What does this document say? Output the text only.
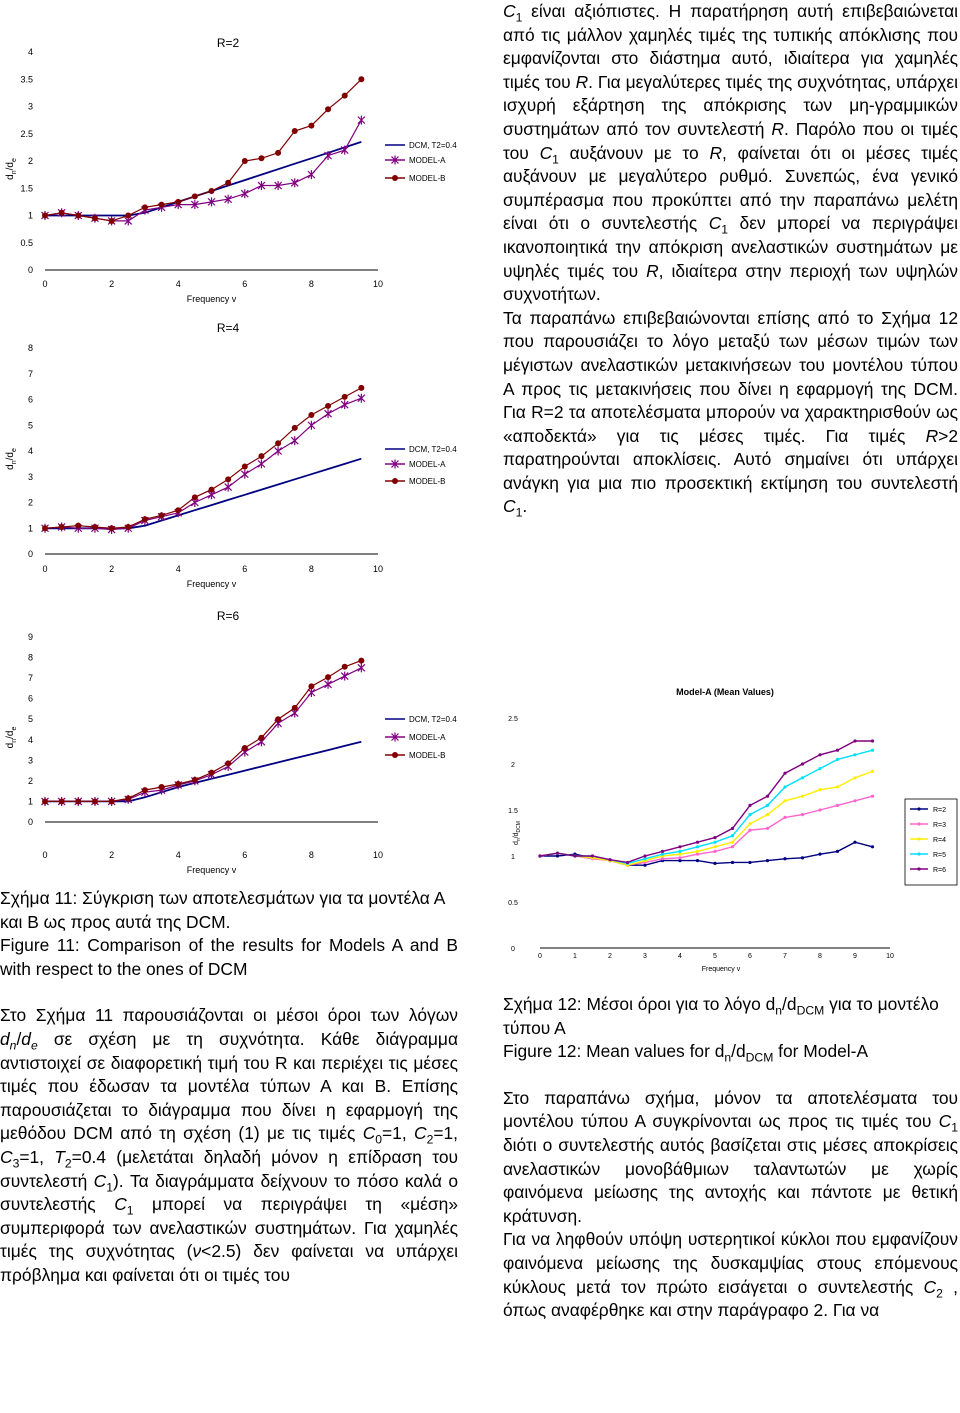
R=2
0
0.5
1
1.5
2
2.5
3
3.5
4
0	2	4	6	8	10
Frequency v
$d_n/d_e$
DCM, T2=0.4
MODEL-A
MODEL-B
R=4
0
1
2
3
4
5
6
7
8
0	2	4	6	8	10
Frequency v
$d_n/d_e$	DCM, T2=0.4
MODEL-A
MODEL-B
R=6
0
1
2
3
4
5
6
7
8
9
0	2	4	6	8	10
Frequency v
$d_n/d_e$
DCM, T2=0.4
MODEL-A
MODEL-B
Model-A (Mean Values)
0
0.5
1
1.5
2
2.5
0	1	2	3	4	5	6	7	8	9	10
Frequency v
$d_n/d_{DCM}$
R=2
R=3
R=4
R=5
R=6

Σχήμα 11: Σύγκριση των αποτελεσμάτων για τα μοντέλα Α και Β ως προς αυτά της DCM.

Figure 11: Comparison of the results for Models A and B with respect to the ones of DCM

Στο Σχήμα 11 παρουσιάζονται οι μέσοι όροι των λόγων $d_n/d_e$ σε σχέση με τη συχνότητα. Κάθε διάγραμμα αντιστοιχεί σε διαφορετική τιμή του R και περιέχει τις μέσες τιμές που έδωσαν τα μοντέλα τύπων Α και Β. Επίσης παρουσιάζεται το διάγραμμα που δίνει η εφαρμογή της μεθόδου DCM από τη σχέση (1) με τις τιμές $C_0=1$, $C_2=1$, $C_3=1$, $T_2=0.4$ (μελετάται δηλαδή μόνον η επίδραση του συντελεστή $C_1$). Τα διαγράμματα δείχνουν το πόσο καλά ο συντελεστής $C_1$ μπορεί να περιγράψει τη «μέση» συμπεριφορά των ανελαστικών συστημάτων. Για χαμηλές τιμές της συχνότητας (ν<2.5) δεν φαίνεται να υπάρχει πρόβλημα και φαίνεται ότι οι τιμές του

$C_1$ είναι αξιόπιστες. Η παρατήρηση αυτή επιβεβαιώνεται από τις μάλλον χαμηλές τιμές της τυπικής απόκλισης που εμφανίζονται στο διάστημα αυτό, ιδιαίτερα για χαμηλές τιμές του R. Για μεγαλύτερες τιμές της συχνότητας, υπάρχει ισχυρή εξάρτηση της απόκρισης των μη-γραμμικών συστημάτων από τον συντελεστή R. Παρόλο που οι τιμές του $C_1$ αυξάνουν με το R, φαίνεται ότι οι μέσες τιμές αυξάνουν με μεγαλύτερο ρυθμό. Συνεπώς, ένα γενικό συμπέρασμα που προκύπτει από την παραπάνω μελέτη είναι ότι ο συντελεστής $C_1$ δεν μπορεί να περιγράψει ικανοποιητικά την απόκριση ανελαστικών συστημάτων με υψηλές τιμές του R, ιδιαίτερα στην περιοχή των υψηλών συχνοτήτων.

Τα παραπάνω επιβεβαιώνονται επίσης από το Σχήμα 12 που παρουσιάζει το λόγο μεταξύ των μέσων τιμών των μέγιστων ανελαστικών μετακινήσεων του μοντέλου τύπου Α προς τις μετακινήσεις που δίνει η εφαρμογή της DCM. Για R=2 τα αποτελέσματα μπορούν να χαρακτηρισθούν ως «αποδεκτά» για τις μέσες τιμές. Για τιμές R>2 παρατηρούνται αποκλίσεις. Αυτό σημαίνει ότι υπάρχει ανάγκη για μια πιο προσεκτική εκτίμηση του συντελεστή $C_1$.

Σχήμα 12: Μέσοι όροι για το λόγο $d_n/d_{DCM}$ για το μοντέλο τύπου Α

Figure 12: Mean values for $d_n/d_{DCM}$ for Model-A

Στο παραπάνω σχήμα, μόνον τα αποτελέσματα του μοντέλου τύπου Α συγκρίνονται ως προς τις τιμές του $C_1$ διότι ο συντελεστής αυτός βασίζεται στις μέσες αποκρίσεις ανελαστικών μονοβάθμιων ταλαντωτών με χωρίς φαινόμενα μείωσης της αντοχής και πάντοτε με θετική κράτυνση.

Για να ληφθούν υπόψη υστερητικοί κύκλοι που εμφανίζουν φαινόμενα μείωσης της δυσκαμψίας στους επόμενους κύκλους μετά τον πρώτο εισάγεται ο συντελεστής $C_2$ , όπως αναφέρθηκε και στην παράγραφο 2. Για να
